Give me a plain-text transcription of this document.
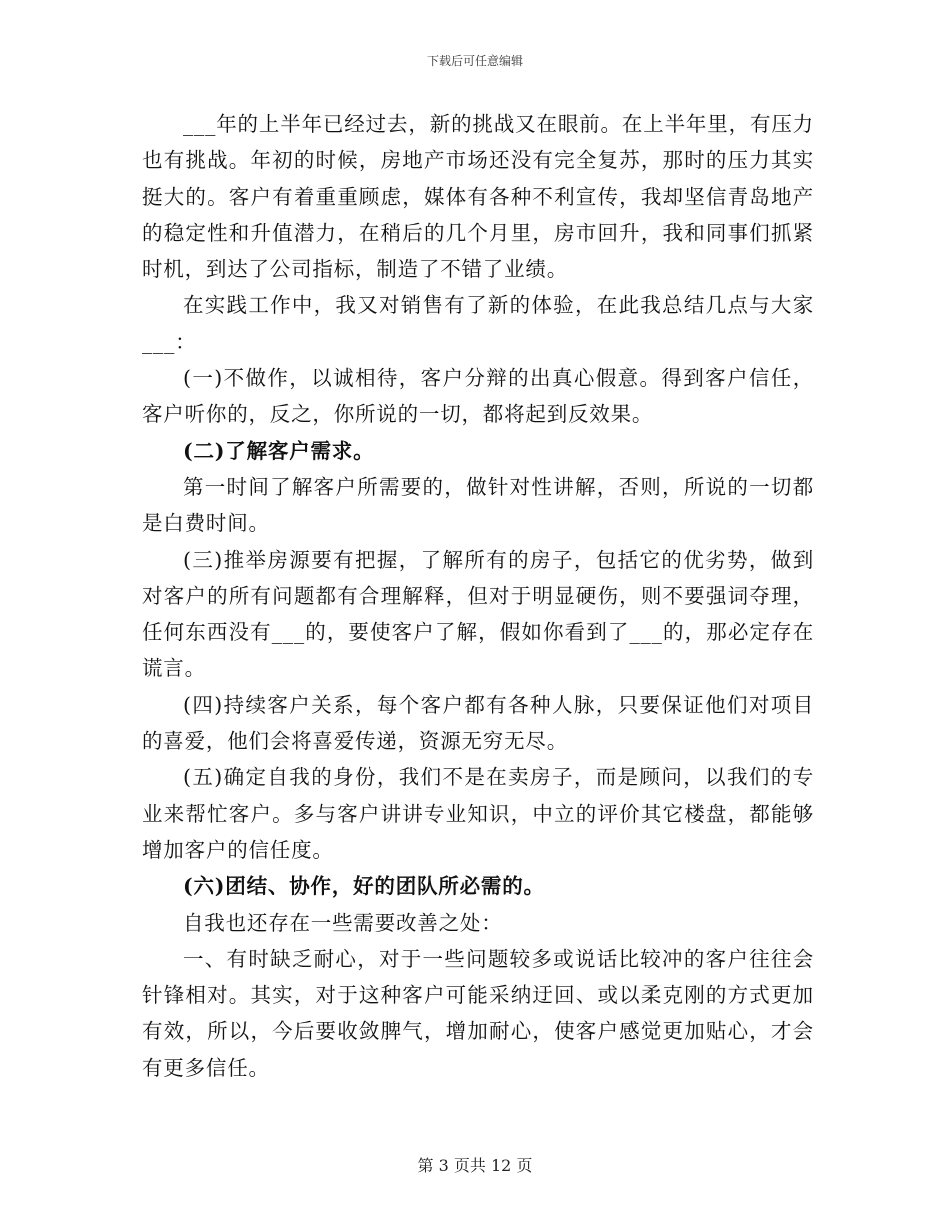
下载后可任意编辑

___年的上半年已经过去，新的挑战又在眼前。在上半年里，有压力也有挑战。年初的时候，房地产市场还没有完全复苏，那时的压力其实挺大的。客户有着重重顾虑，媒体有各种不利宣传，我却坚信青岛地产的稳定性和升值潜力，在稍后的几个月里，房市回升，我和同事们抓紧时机，到达了公司指标，制造了不错了业绩。

在实践工作中，我又对销售有了新的体验，在此我总结几点与大家___：

(一)不做作，以诚相待，客户分辩的出真心假意。得到客户信任，客户听你的，反之，你所说的一切，都将起到反效果。

(二)了解客户需求。

第一时间了解客户所需要的，做针对性讲解，否则，所说的一切都是白费时间。

(三)推举房源要有把握，了解所有的房子，包括它的优劣势，做到对客户的所有问题都有合理解释，但对于明显硬伤，则不要强词夺理，任何东西没有___的，要使客户了解，假如你看到了___的，那必定存在谎言。

(四)持续客户关系，每个客户都有各种人脉，只要保证他们对项目的喜爱，他们会将喜爱传递，资源无穷无尽。

(五)确定自我的身份，我们不是在卖房子，而是顾问，以我们的专业来帮忙客户。多与客户讲讲专业知识，中立的评价其它楼盘，都能够增加客户的信任度。

(六)团结、协作，好的团队所必需的。

自我也还存在一些需要改善之处：

一、有时缺乏耐心，对于一些问题较多或说话比较冲的客户往往会针锋相对。其实，对于这种客户可能采纳迂回、或以柔克刚的方式更加有效，所以，今后要收敛脾气，增加耐心，使客户感觉更加贴心，才会有更多信任。

第 3 页共 12 页
